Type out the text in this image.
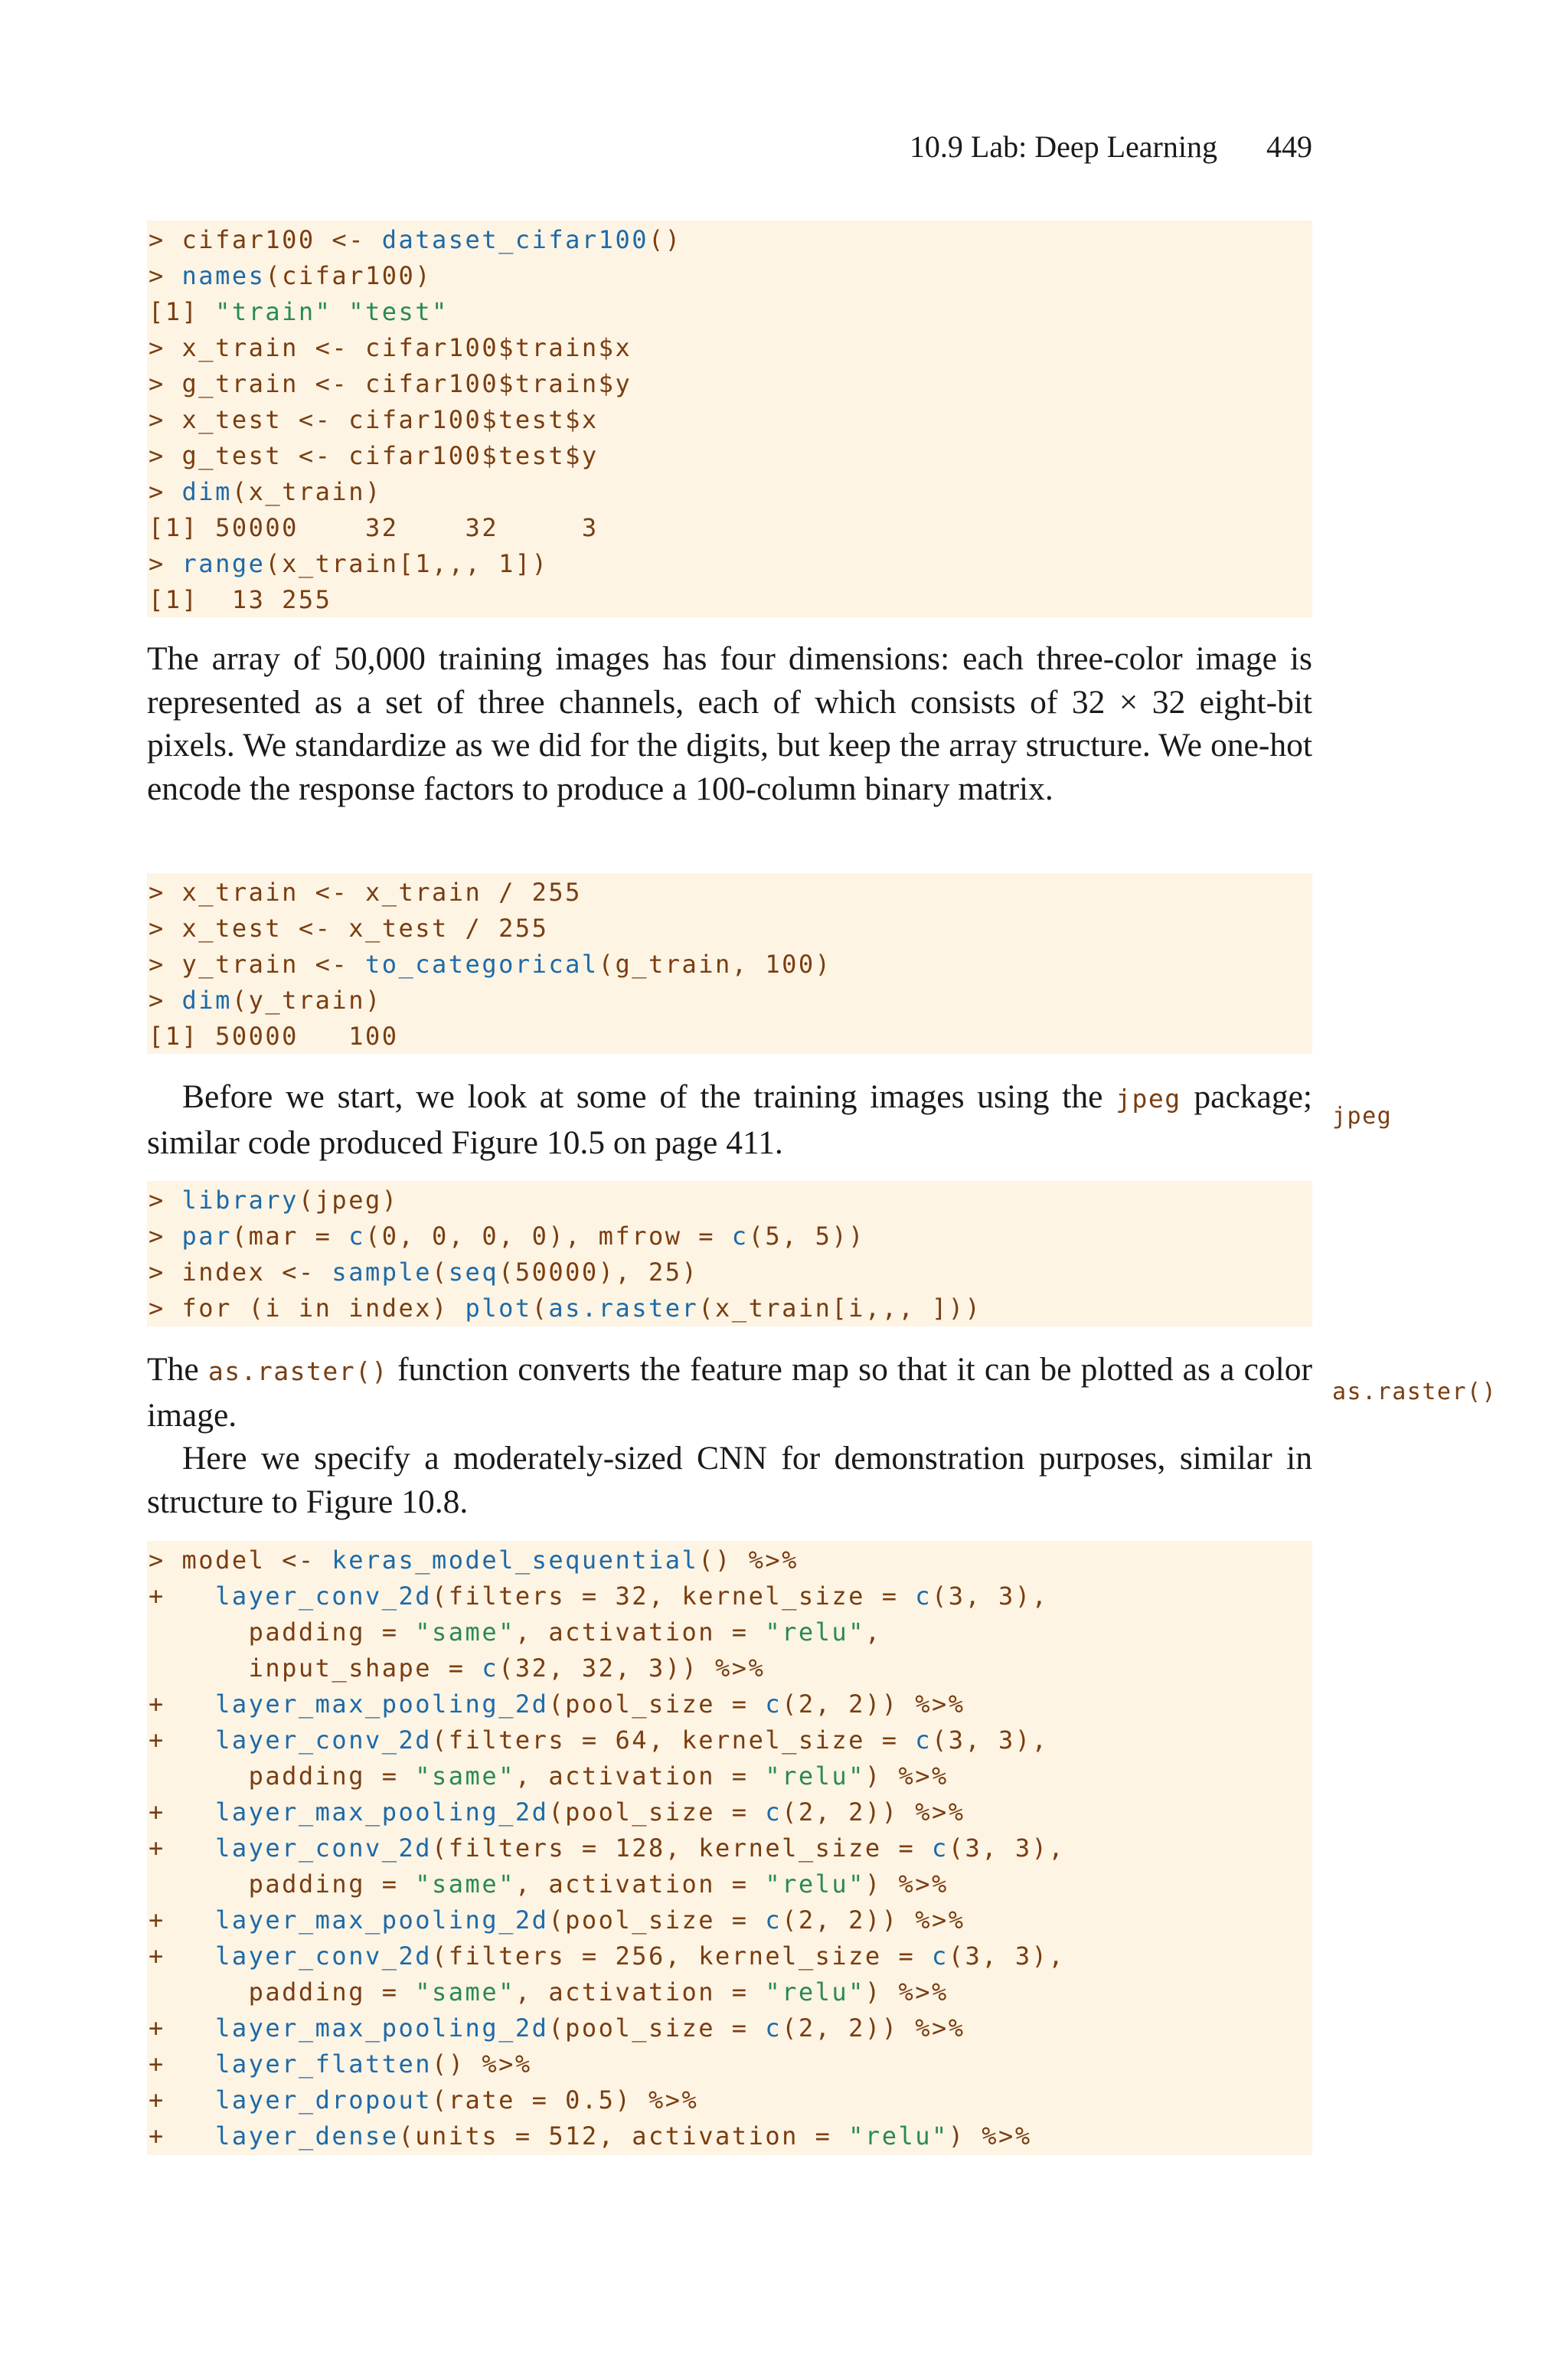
10.9 Lab: Deep Learning 449
> cifar100 <- dataset_cifar100()
> names(cifar100)
[1] "train" "test"
> x_train <- cifar100$train$x
> g_train <- cifar100$train$y
> x_test <- cifar100$test$x
> g_test <- cifar100$test$y
> dim(x_train)
[1] 50000    32    32     3
> range(x_train[1,,, 1])
[1]  13 255

The array of 50,000 training images has four dimensions: each three-color image is represented as a set of three channels, each of which consists of 32 × 32 eight-bit pixels. We standardize as we did for the digits, but keep the array structure. We one-hot encode the response factors to produce a 100-column binary matrix.

> x_train <- x_train / 255
> x_test <- x_test / 255
> y_train <- to_categorical(g_train, 100)
> dim(y_train)
[1] 50000   100

Before we start, we look at some of the training images using the jpeg package; similar code produced Figure 10.5 on page 411.

jpeg
> library(jpeg)
> par(mar = c(0, 0, 0, 0), mfrow = c(5, 5))
> index <- sample(seq(50000), 25)
> for (i in index) plot(as.raster(x_train[i,,, ]))

The as.raster() function converts the feature map so that it can be plotted as a color image.

Here we specify a moderately-sized CNN for demonstration purposes, similar in structure to Figure 10.8.

as.raster()
> model <- keras_model_sequential() %>%
+   layer_conv_2d(filters = 32, kernel_size = c(3, 3),
padding = "same", activation = "relu",
input_shape = c(32, 32, 3)) %>%
+   layer_max_pooling_2d(pool_size = c(2, 2)) %>%
+   layer_conv_2d(filters = 64, kernel_size = c(3, 3),
padding = "same", activation = "relu") %>%
+   layer_max_pooling_2d(pool_size = c(2, 2)) %>%
+   layer_conv_2d(filters = 128, kernel_size = c(3, 3),
padding = "same", activation = "relu") %>%
+   layer_max_pooling_2d(pool_size = c(2, 2)) %>%
+   layer_conv_2d(filters = 256, kernel_size = c(3, 3),
padding = "same", activation = "relu") %>%
+   layer_max_pooling_2d(pool_size = c(2, 2)) %>%
+   layer_flatten() %>%
+   layer_dropout(rate = 0.5) %>%
+   layer_dense(units = 512, activation = "relu") %>%
